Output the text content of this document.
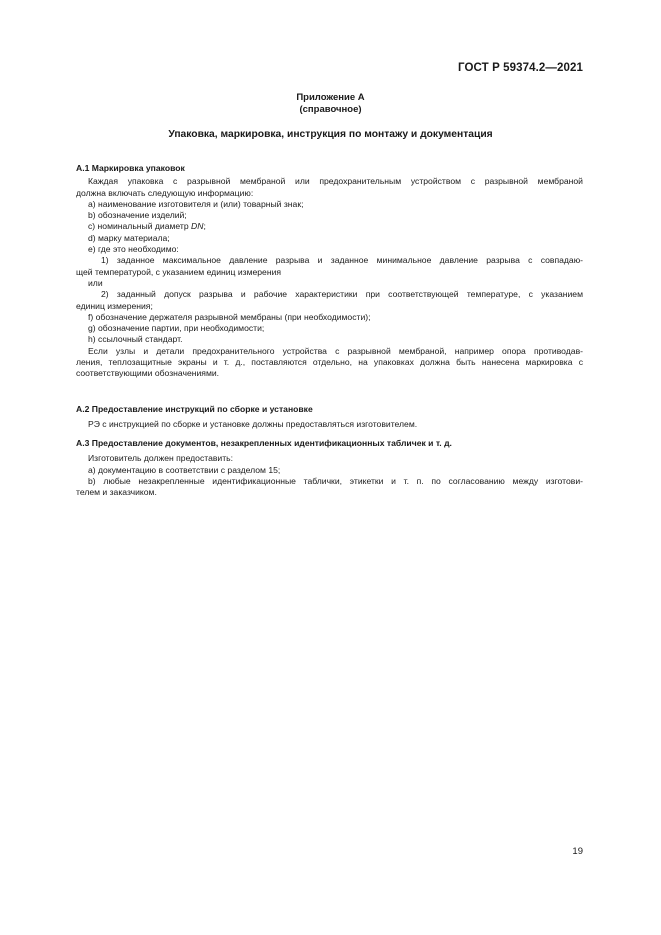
ГОСТ Р 59374.2—2021
Приложение А
(справочное)
Упаковка, маркировка, инструкция по монтажу и документация

А.1 Маркировка упаковок

Каждая упаковка с разрывной мембраной или предохранительным устройством с разрывной мембраной

должна включать следующую информацию:

a) наименование изготовителя и (или) товарный знак;

b) обозначение изделий;

c) номинальный диаметр DN;

d) марку материала;

e) где это необходимо:

1) заданное максимальное давление разрыва и заданное минимальное давление разрыва с совпадаю-

щей температурой, с указанием единиц измерения

или

2) заданный допуск разрыва и рабочие характеристики при соответствующей температуре, с указанием

единиц измерения;

f) обозначение держателя разрывной мембраны (при необходимости);

g) обозначение партии, при необходимости;

h) ссылочный стандарт.

Если узлы и детали предохранительного устройства с разрывной мембраной, например опора противодав-

ления, теплозащитные экраны и т. д., поставляются отдельно, на упаковках должна быть нанесена маркировка с

соответствующими обозначениями.

А.2 Предоставление инструкций по сборке и установке

РЭ с инструкцией по сборке и установке должны предоставляться изготовителем.

А.3 Предоставление документов, незакрепленных идентификационных табличек и т. д.

Изготовитель должен предоставить:

a) документацию в соответствии с разделом 15;

b) любые незакрепленные идентификационные таблички, этикетки и т. п. по согласованию между изготови-

телем и заказчиком.

19
